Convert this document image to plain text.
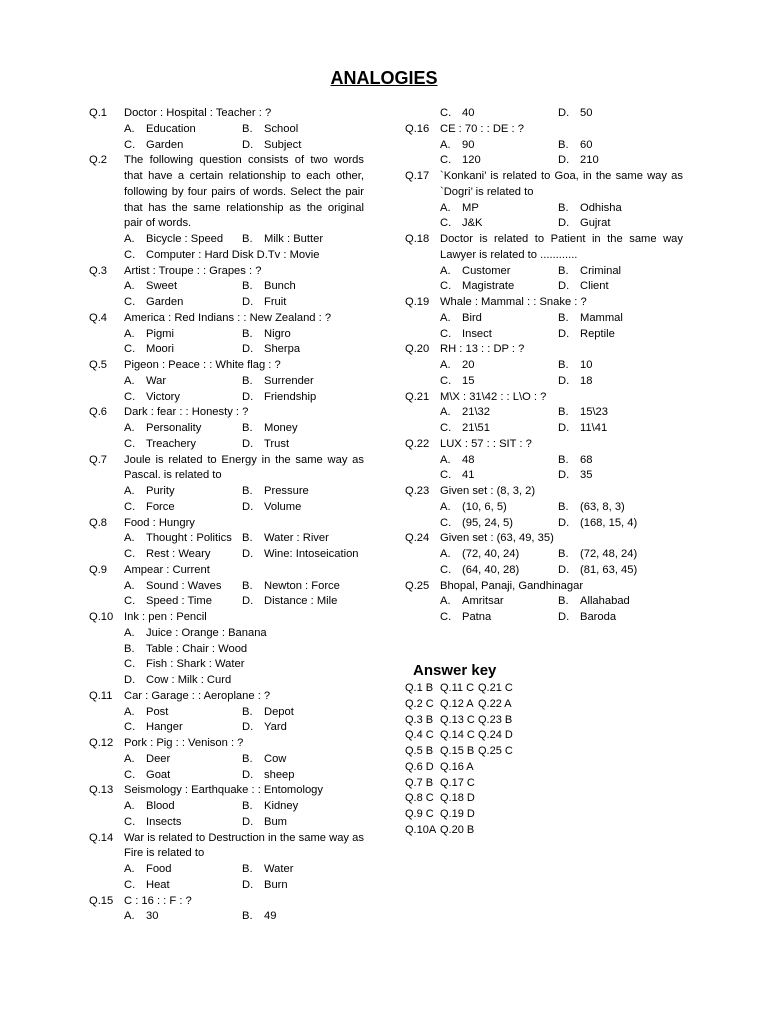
ANALOGIES
Q.1 Doctor : Hospital : Teacher : ?
A. Education	B. School
C. Garden	D. Subject
Q.2 The following question consists of two words that have a certain relationship to each other, following by four pairs of words. Select the pair that has the same relationship as the original pair of words.
A. Bicycle : Speed B. Milk : Butter
C. Computer : Hard Disk D.Tv : Movie
Q.3 Artist : Troupe : : Grapes : ?
A. Sweet	B. Bunch
C. Garden	D. Fruit
Q.4 America : Red Indians : : New Zealand : ?
A. Pigmi	B. Nigro
C. Moori	D. Sherpa
Q.5 Pigeon : Peace : : White flag : ?
A. War	B. Surrender
C. Victory	D. Friendship
Q.6 Dark : fear : : Honesty : ?
A. Personality	B. Money
C. Treachery	D. Trust
Q.7 Joule is related to Energy in the same way as Pascal. is related to
A. Purity	B. Pressure
C. Force	D. Volume
Q.8 Food : Hungry
A. Thought : Politics B. Water : River
C. Rest : Weary	D. Wine: Intoseication
Q.9 Ampear : Current
A. Sound : Waves B. Newton : Force
C. Speed : Time	D. Distance : Mile
Q.10 Ink : pen : Pencil
A. Juice : Orange : Banana
B. Table : Chair : Wood
C. Fish : Shark : Water
D. Cow : Milk : Curd
Q.11 Car : Garage : : Aeroplane : ?
A. Post	B. Depot
C. Hanger	D. Yard
Q.12 Pork : Pig : : Venison : ?
A. Deer	B. Cow
C. Goat	D. sheep
Q.13 Seismology : Earthquake : : Entomology
A. Blood	B. Kidney
C. Insects	D. Bum
Q.14 War is related to Destruction in the same way as Fire is related to
A. Food	B. Water
C. Heat	D. Burn
Q.15 C : 16 : : F : ?
A. 30	B. 49
C. 40	D. 50
Q.16 CE : 70 : : DE : ?
A. 90	B. 60
C. 120	D. 210
Q.17 `Konkani’ is related to Goa, in the same way as `Dogri’ is related to
A. MP	B. Odhisha
C. J&K	D. Gujrat
Q.18 Doctor is related to Patient in the same way Lawyer is related to ............
A. Customer	B. Criminal
C. Magistrate	D. Client
Q.19 Whale : Mammal : : Snake : ?
A. Bird	B. Mammal
C. Insect	D. Reptile
Q.20 RH : 13 : : DP : ?
A. 20	B. 10
C. 15	D. 18
Q.21 M\X : 31\42 : : L\O : ?
A. 21\32	B. 15\23
C. 21\51	D. 11\41
Q.22 LUX : 57 : : SIT : ?
A. 48	B. 68
C. 41	D. 35
Q.23 Given set : (8, 3, 2)
A. (10, 6, 5)	B. (63, 8, 3)
C. (95, 24, 5)	D. (168, 15, 4)
Q.24 Given set : (63, 49, 35)
A. (72, 40, 24)	B. (72, 48, 24)
C. (64, 40, 28)	D. (81, 63, 45)
Q.25 Bhopal, Panaji, Gandhinagar
A. Amritsar	B. Allahabad
C. Patna	D. Baroda
Answer key
Q.1 B Q.11 C Q.21 C
Q.2 C Q.12 A Q.22 A
Q.3 B Q.13 C Q.23 B
Q.4 C Q.14 C Q.24 D
Q.5 B Q.15 B Q.25 C
Q.6 D Q.16 A
Q.7 B Q.17 C
Q.8 C Q.18 D
Q.9 C Q.19 D
Q.10A Q.20 B
